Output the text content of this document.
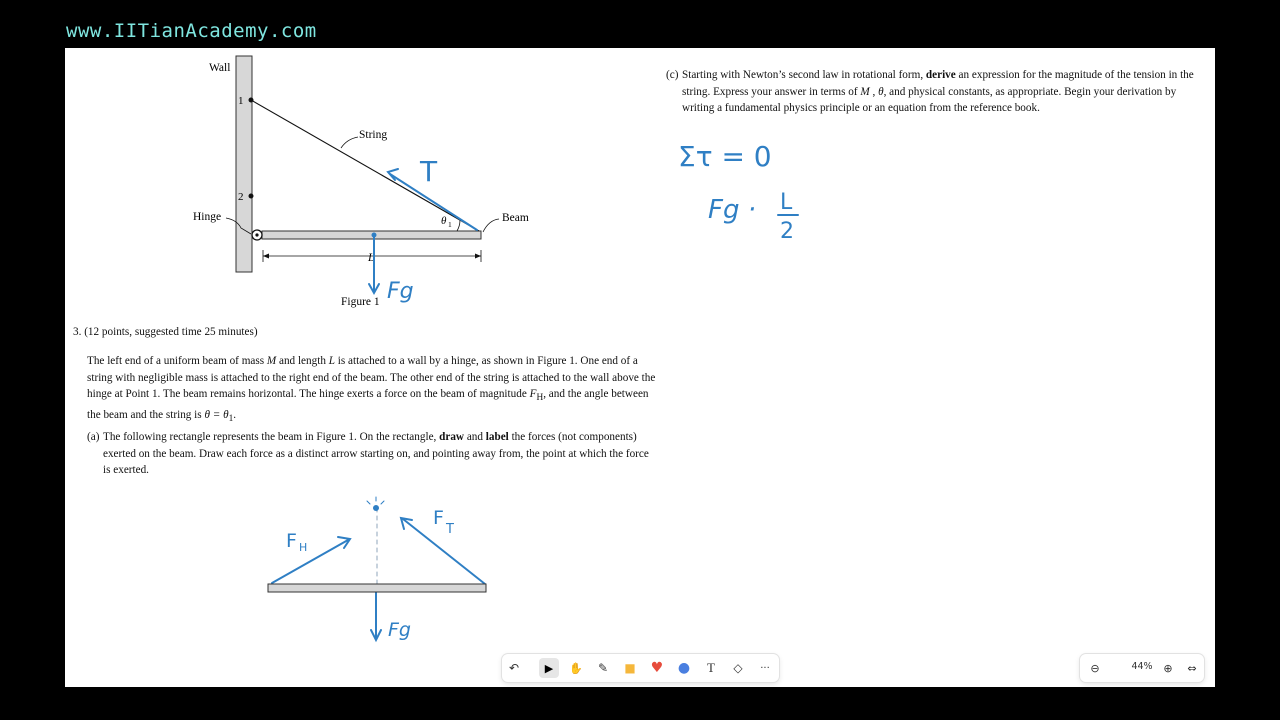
www.IITianAcademy.com
Wall
1
2
String
Hinge	Beam
θ 1
L
Figure 1
3. (12 points, suggested time 25 minutes)
The left end of a uniform beam of mass M and length L is attached to a wall by a hinge, as shown in Figure 1. One end of a string with negligible mass is attached to the right end of the beam. The other end of the string is attached to the wall above the hinge at Point 1. The beam remains horizontal. The hinge exerts a force on the beam of magnitude $F_H$, and the angle between the beam and the string is $\theta = \theta_1$.
(a) The following rectangle represents the beam in Figure 1. On the rectangle, draw and label the forces (not components) exerted on the beam. Draw each force as a distinct arrow starting on, and pointing away from, the point at which the force is exerted.
(c) Starting with Newton’s second law in rotational form, derive an expression for the magnitude of the tension in the string. Express your answer in terms of M , θ, and physical constants, as appropriate. Begin your derivation by writing a fundamental physics principle or an equation from the reference book.
T
Fg
F H
F
T
Fg
Στ = 0
Fg · L
2
↶ ▶ ✋ ✎ ■ ♥ ● T ◇ ···	⊖	44% ⊕ ⇔
